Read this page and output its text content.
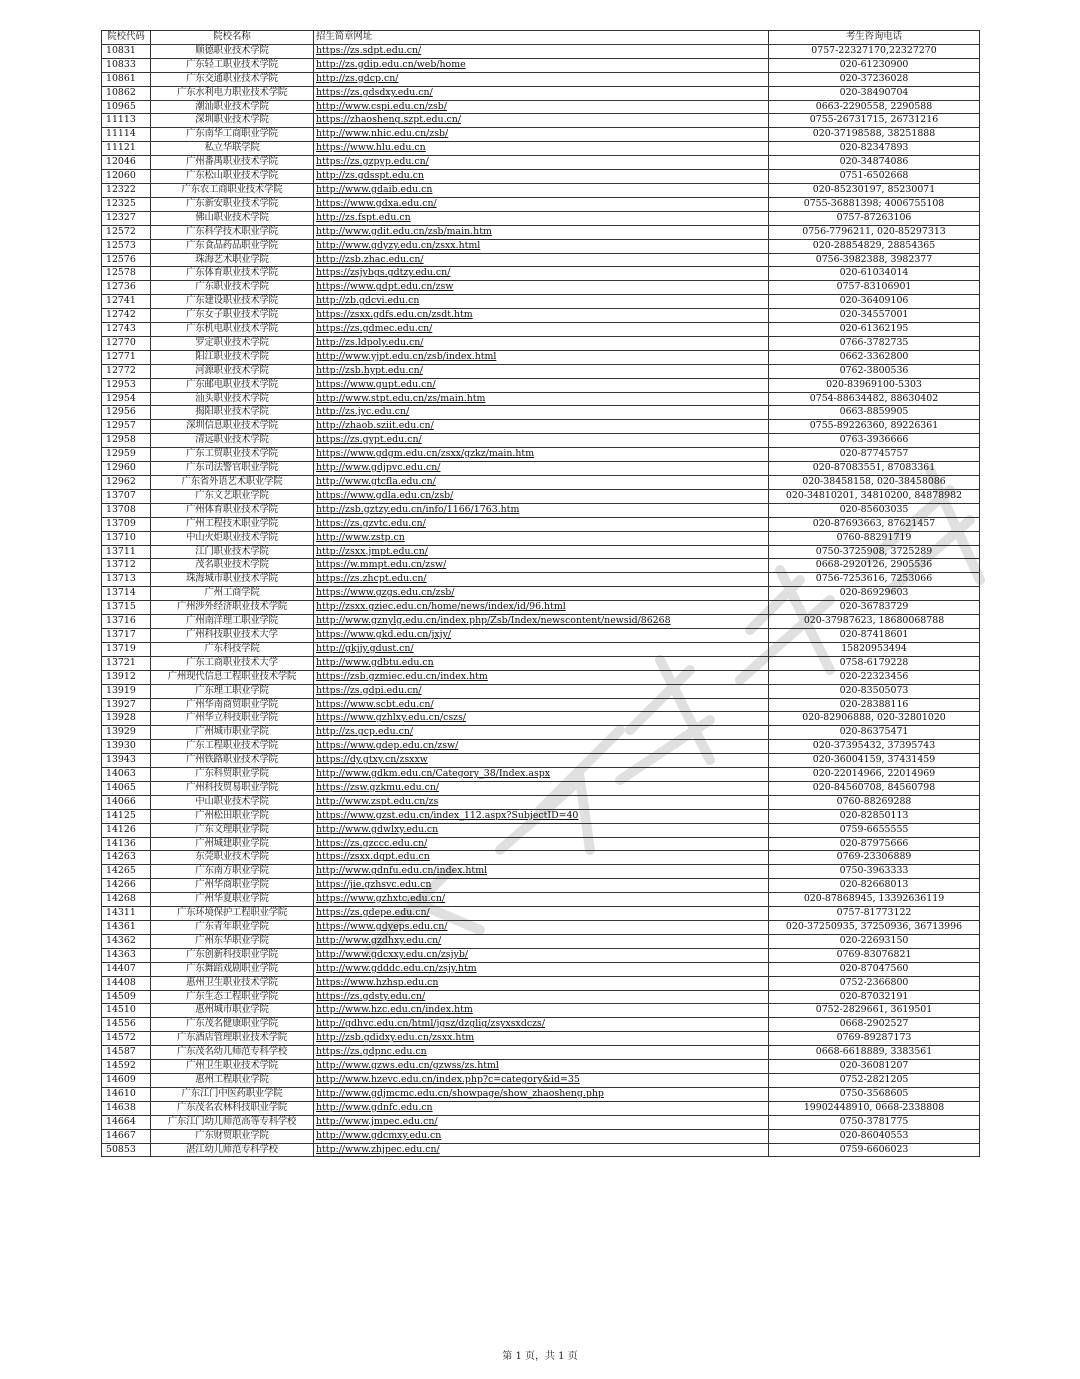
院校代码	院校名称	招生简章网址	考生咨询电话
10831	顺德职业技术学院	https://zs.sdpt.edu.cn/	0757-22327170,22327270
10833	广东轻工职业技术学院	http://zs.gdip.edu.cn/web/home	020-61230900
10861	广东交通职业技术学院	http://zs.gdcp.cn/	020-37236028
10862	广东水利电力职业技术学院	https://zs.gdsdxy.edu.cn/	020-38490704
10965	潮汕职业技术学院	http://www.cspi.edu.cn/zsb/	0663-2290558, 2290588
11113	深圳职业技术学院	https://zhaosheng.szpt.edu.cn/	0755-26731715, 26731216
11114	广东南华工商职业学院	http://www.nhic.edu.cn/zsb/	020-37198588, 38251888
11121	私立华联学院	https://www.hlu.edu.cn	020-82347893
12046	广州番禺职业技术学院	https://zs.gzpyp.edu.cn/	020-34874086
12060	广东松山职业技术学院	http://zs.gdsspt.edu.cn	0751-6502668
12322	广东农工商职业技术学院	http://www.gdaib.edu.cn	020-85230197, 85230071
12325	广东新安职业技术学院	https://www.gdxa.edu.cn/	0755-36881398; 4006755108
12327	佛山职业技术学院	http://zs.fspt.edu.cn	0757-87263106
12572	广东科学技术职业学院	http://www.gdit.edu.cn/zsb/main.htm	0756-7796211, 020-85297313
12573	广东食品药品职业学院	http://www.gdyzy.edu.cn/zsxx.html	020-28854829, 28854365
12576	珠海艺术职业学院	http://zsb.zhac.edu.cn/	0756-3982388, 3982377
12578	广东体育职业技术学院	https://zsjybgs.gdtzy.edu.cn/	020-61034014
12736	广东职业技术学院	https://www.gdpt.edu.cn/zsw	0757-83106901
12741	广东建设职业技术学院	http://zb.gdcvi.edu.cn	020-36409106
12742	广东女子职业技术学院	https://zsxx.gdfs.edu.cn/zsdt.htm	020-34557001
12743	广东机电职业技术学院	https://zs.gdmec.edu.cn/	020-61362195
12770	罗定职业技术学院	http://zs.ldpoly.edu.cn/	0766-3782735
12771	阳江职业技术学院	http://www.yjpt.edu.cn/zsb/index.html	0662-3362800
12772	河源职业技术学院	http://zsb.hypt.edu.cn/	0762-3800536
12953	广东邮电职业技术学院	https://www.gupt.edu.cn/	020-83969100-5303
12954	汕头职业技术学院	http://www.stpt.edu.cn/zs/main.htm	0754-88634482, 88630402
12956	揭阳职业技术学院	http://zs.jyc.edu.cn/	0663-8859905
12957	深圳信息职业技术学院	http://zhaob.sziit.edu.cn/	0755-89226360, 89226361
12958	清远职业技术学院	https://zs.gypt.edu.cn/	0763-3936666
12959	广东工贸职业技术学院	https://www.gdgm.edu.cn/zsxx/gzkz/main.htm	020-87745757
12960	广东司法警官职业学院	http://www.gdjpvc.edu.cn/	020-87083551, 87083361
12962	广东省外语艺术职业学院	http://www.gtcfla.edu.cn/	020-38458158, 020-38458086
13707	广东文艺职业学院	https://www.gdla.edu.cn/zsb/	020-34810201, 34810200, 84878982
13708	广州体育职业技术学院	http://zsb.gztzy.edu.cn/info/1166/1763.htm	020-85603035
13709	广州工程技术职业学院	https://zs.gzvtc.edu.cn/	020-87693663, 87621457
13710	中山火炬职业技术学院	http://www.zstp.cn	0760-88291719
13711	江门职业技术学院	http://zsxx.jmpt.edu.cn/	0750-3725908, 3725289
13712	茂名职业技术学院	https://w.mmpt.edu.cn/zsw/	0668-2920126, 2905536
13713	珠海城市职业技术学院	https://zs.zhcpt.edu.cn/	0756-7253616, 7253066
13714	广州工商学院	https://www.gzgs.edu.cn/zsb/	020-86929603
13715	广州涉外经济职业技术学院	http://zsxx.gziec.edu.cn/home/news/index/id/96.html	020-36783729
13716	广州南洋理工职业学院	http://www.gznylg.edu.cn/index.php/Zsb/Index/newscontent/newsid/86268	020-37987623, 18680068788
13717	广州科技职业技术大学	https://www.gkd.edu.cn/jxjy/	020-87418601
13719	广东科技学院	http://gkjjy.gdust.cn/	15820953494
13721	广东工商职业技术大学	http://www.gdbtu.edu.cn	0758-6179228
13912	广州现代信息工程职业技术学院	https://zsb.gzmiec.edu.cn/index.htm	020-22323456
13919	广东理工职业学院	https://zs.gdpi.edu.cn/	020-83505073
13927	广州华南商贸职业学院	https://www.scbt.edu.cn/	020-28388116
13928	广州华立科技职业学院	https://www.gzhlxy.edu.cn/cszs/	020-82906888, 020-32801020
13929	广州城市职业学院	http://zs.gcp.edu.cn/	020-86375471
13930	广东工程职业技术学院	https://www.gdep.edu.cn/zsw/	020-37395432, 37395743
13943	广州铁路职业技术学院	https://dy.gtxy.cn/zsxxw	020-36004159, 37431459
14063	广东科贸职业学院	http://www.gdkm.edu.cn/Category_38/Index.aspx	020-22014966, 22014969
14065	广州科技贸易职业学院	https://zsw.gzkmu.edu.cn/	020-84560708, 84560798
14066	中山职业技术学院	http://www.zspt.edu.cn/zs	0760-88269288
14125	广州松田职业学院	https://www.gzst.edu.cn/index_112.aspx?SubjectID=40	020-82850113
14126	广东文理职业学院	http://www.gdwlxy.edu.cn	0759-6655555
14136	广州城建职业学院	https://zs.gzccc.edu.cn/	020-87975666
14263	东莞职业技术学院	https://zsxx.dgpt.edu.cn	0769-23306889
14265	广东南方职业学院	http://www.gdnfu.edu.cn/index.html	0750-3963333
14266	广州华商职业学院	https://jie.gzhsvc.edu.cn	020-82668013
14268	广州华夏职业学院	https://www.gzhxtc.edu.cn/	020-87868945, 13392636119
14311	广东环境保护工程职业学院	https://zs.gdepe.edu.cn/	0757-81773122
14361	广东青年职业学院	https://www.gdyeps.edu.cn/	020-37250935, 37250936, 36713996
14362	广州东华职业学院	http://www.gzdhxy.edu.cn/	020-22693150
14363	广东创新科技职业学院	http://www.gdcxxy.edu.cn/zsjyb/	0769-83076821
14407	广东舞蹈戏剧职业学院	http://www.gdddc.edu.cn/zsjy.htm	020-87047560
14408	惠州卫生职业技术学院	https://www.hzhsp.edu.cn	0752-2366800
14509	广东生态工程职业学院	https://zs.gdsty.edu.cn/	020-87032191
14510	惠州城市职业学院	http://www.hzc.edu.cn/index.htm	0752-2829661, 3619501
14556	广东茂名健康职业学院	http://gdhvc.edu.cn/html/jgsz/dzglig/zsyxsxdczs/	0668-2902527
14572	广东酒店管理职业技术学院	http://zsb.gdidxy.edu.cn/zsxx.htm	0769-89287173
14587	广东茂名幼儿师范专科学校	https://zs.gdpnc.edu.cn	0668-6618889, 3383561
14592	广州卫生职业技术学院	http://www.gzws.edu.cn/gzwss/zs.html	020-36081207
14609	惠州工程职业学院	http://www.hzevc.edu.cn/index.php?c=category&id=35	0752-2821205
14610	广东江门中医药职业学院	http://www.gdjmcmc.edu.cn/showpage/show_zhaosheng.php	0750-3568605
14638	广东茂名农林科技职业学院	http://www.gdnfc.edu.cn	19902448910, 0668-2338808
14664	广东江门幼儿师范高等专科学校	http://www.jmpec.edu.cn/	0750-3781775
14667	广东财贸职业学院	http://www.gdcmxy.edu.cn	020-86040553
50853	湛江幼儿师范专科学校	http://www.zhjpec.edu.cn/	0759-6606023
第 1 页，共 1 页
